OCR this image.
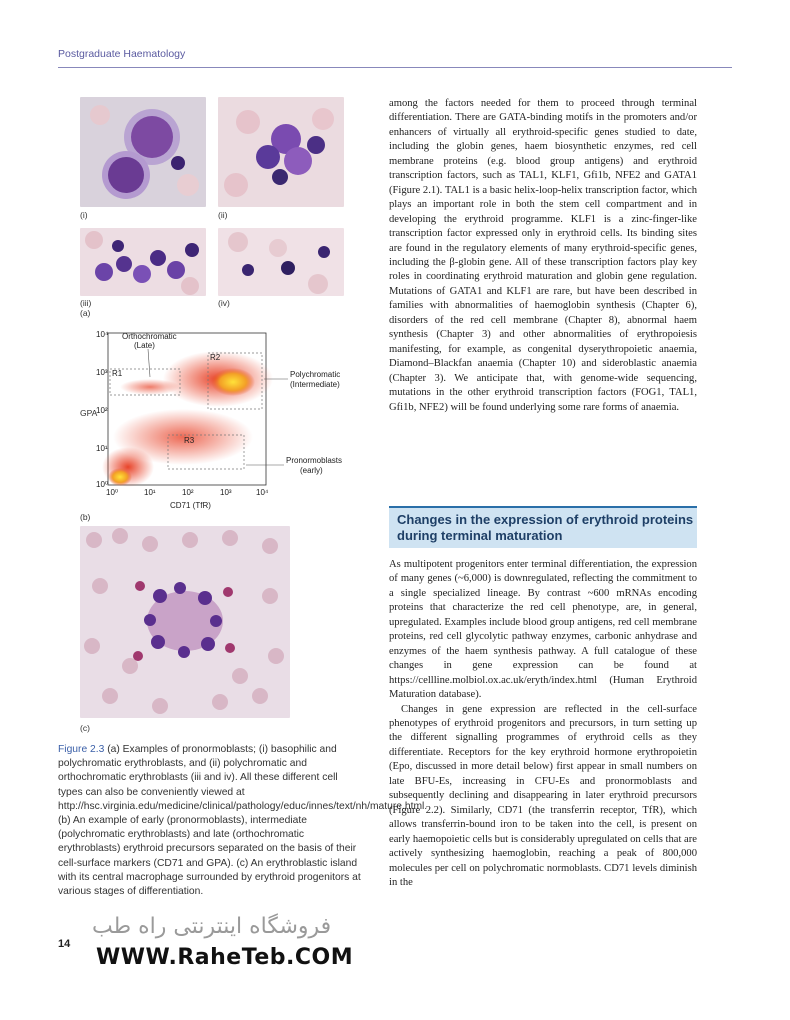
Postgraduate Haematology
(i)	(ii)
(iii)
(a)
(iv)
R1
R2
R3
10⁴
10³
10²
10¹
10⁰
10⁰	10¹	10²	10³	10⁴
CD71 (TfR)
Orthochromatic
(Late)
Polychromatic
(Intermediate)
Pronormoblasts
(early)
GPA
(b)
(c)
Figure 2.3 (a) Examples of pronormoblasts; (i) basophilic and polychromatic erythroblasts, and (ii) polychromatic and orthochromatic erythroblasts (iii and iv). All these different cell types can also be conveniently viewed at http://hsc.virginia.edu/medicine/clinical/pathology/educ/innes/text/nh/mature.html. (b) An example of early (pronormoblasts), intermediate (polychromatic erythroblasts) and late (orthochromatic erythroblasts) erythroid precursors separated on the basis of their cell-surface markers (CD71 and GPA). (c) An erythroblastic island with its central macrophage surrounded by erythroid progenitors at various stages of differentiation.

among the factors needed for them to proceed through terminal differentiation. There are GATA-binding motifs in the promoters and/or enhancers of virtually all erythroid-specific genes studied to date, including the globin genes, haem biosynthetic enzymes, red cell membrane proteins (e.g. blood group antigens) and erythroid transcription factors, such as TAL1, KLF1, Gfi1b, NFE2 and GATA1 (Figure 2.1). TAL1 is a basic helix-loop-helix transcription factor, which plays an important role in both the stem cell compartment and in developing the erythroid programme. KLF1 is a zinc-finger-like transcription factor expressed only in erythroid cells. Its binding sites are found in the regulatory elements of many erythroid-specific genes, including the β-globin gene. All of these transcription factors play key roles in coordinating erythroid maturation and globin gene regulation. Mutations of GATA1 and KLF1 are rare, but have been described in families with abnormalities of haemoglobin synthesis (Chapter 6), disorders of the red cell membrane (Chapter 8), abnormal haem synthesis (Chapter 3) and other abnormalities of erythropoiesis manifesting, for example, as congenital dyserythropoietic anaemia, Diamond–Blackfan anaemia (Chapter 10) and sideroblastic anaemia (Chapter 3). We anticipate that, with genome-wide sequencing, mutations in the other erythroid transcription factors (FOG1, TAL1, Gfi1b, NFE2) will be found underlying some rare forms of anaemia.

Changes in the expression of erythroid proteins during terminal maturation

As multipotent progenitors enter terminal differentiation, the expression of many genes (~6,000) is downregulated, reflecting the commitment to a single specialized lineage. By contrast ~600 mRNAs encoding proteins that characterize the red cell phenotype, are, in general, upregulated. Examples include blood group antigens, red cell membrane proteins, red cell glycolytic pathway enzymes, carbonic anhydrase and enzymes of the haem synthesis pathway. A full catalogue of these changes in gene expression can be found at https://cellline.molbiol.ox.ac.uk/eryth/index.html (Human Erythroid Maturation database).

Changes in gene expression are reflected in the cell-surface phenotypes of erythroid progenitors and precursors, in turn setting up the different signalling programmes of erythroid cells as they differentiate. Receptors for the key erythroid hormone erythropoietin (Epo, discussed in more detail below) first appear in small numbers on late BFU-Es, increasing in CFU-Es and pronormoblasts and subsequently declining and disappearing in later erythroid precursors (Figure 2.2). Similarly, CD71 (the transferrin receptor, TfR), which allows transferrin-bound iron to be taken into the cell, is present on early haemopoietic cells but is considerably upregulated on cells that are actively synthesizing haemoglobin, reaching a peak of 800,000 molecules per cell on polychromatic normoblasts. CD71 levels diminish in the

14
فروشگاه اینترنتی راه طب
WWW.RaheTeb.COM
